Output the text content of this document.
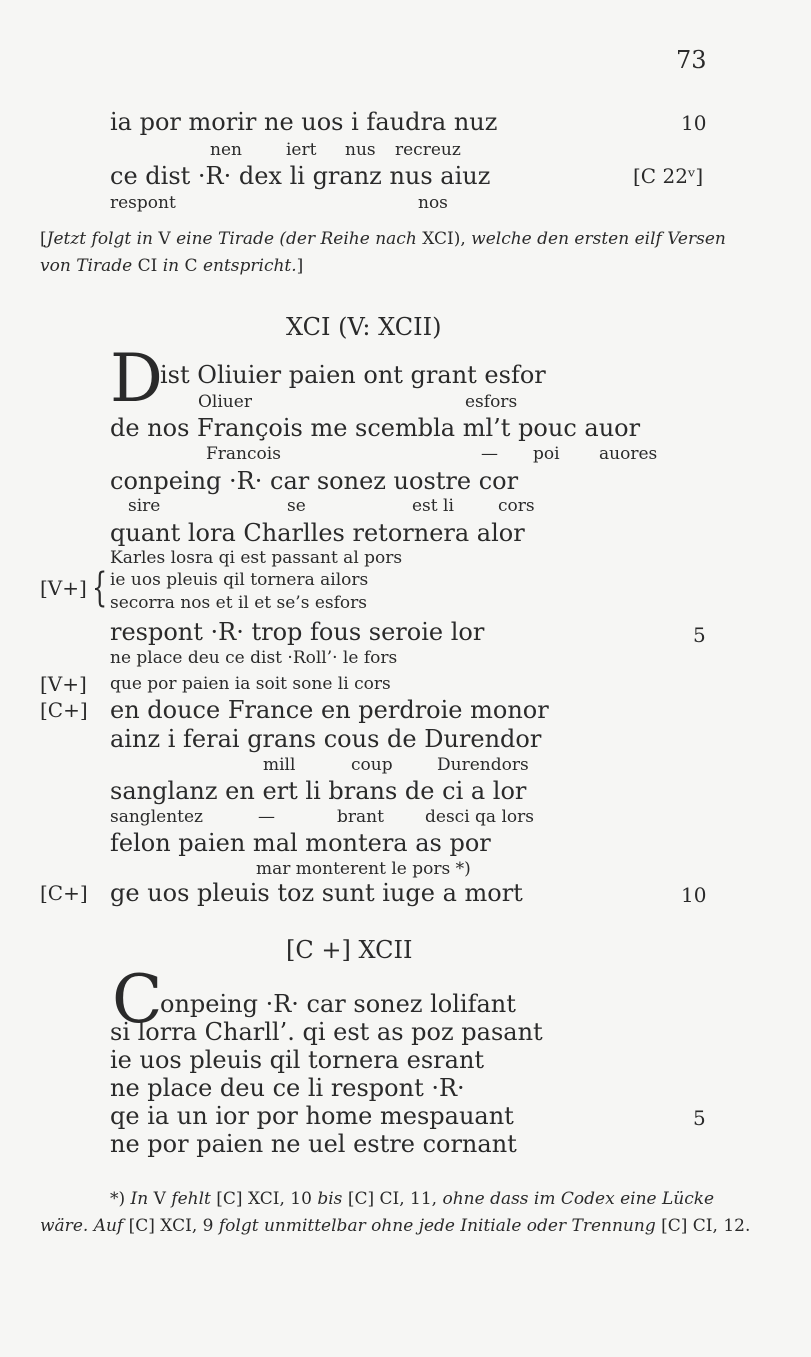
73
ia por morir ne uos i faudra nuz	10
nen	iert nus recreuz
ce dist ·R· dex li granz nus aiuz	[C 22ᵛ]
respont	nos
[Jetzt folgt in V eine Tirade (der Reihe nach XCI), welche den ersten eilf Versen von Tirade CI in C entspricht.]
XCI (V: XCII)
D
ist Oliuier paien ont grant esfor
Oliuer	esfors
de nos François me scembla ml’t pouc auor
Francois	— poi auores
conpeing ·R· car sonez uostre cor
sire	se	est li	cors
quant lora Charlles retornera alor
Karles losra qi est passant al pors
[V+] { ie uos pleuis qil tornera ailors
secorra nos et il et se’s esfors
respont ·R· trop fous seroie lor	5
ne place deu ce dist ·Roll’· le fors
[V+] que por paien ia soit sone li cors
[C+] en douce France en perdroie monor
ainz i ferai grans cous de Durendor
mill	coup	Durendors
sanglanz en ert li brans de ci a lor
sanglentez	—	brant desci qa lors
felon paien mal montera as por
mar monterent le pors *)
[C+] ge uos pleuis toz sunt iuge a mort	10
[C +] XCII
C
onpeing ·R· car sonez lolifant
si lorra Charll’. qi est as poz pasant
ie uos pleuis qil tornera esrant
ne place deu ce li respont ·R·
qe ia un ior por home mespauant	5
ne por paien ne uel estre cornant
*) In V fehlt [C] XCI, 10 bis [C] CI, 11, ohne dass im Codex eine Lücke wäre. Auf [C] XCI, 9 folgt unmittelbar ohne jede Initiale oder Trennung [C] CI, 12.
